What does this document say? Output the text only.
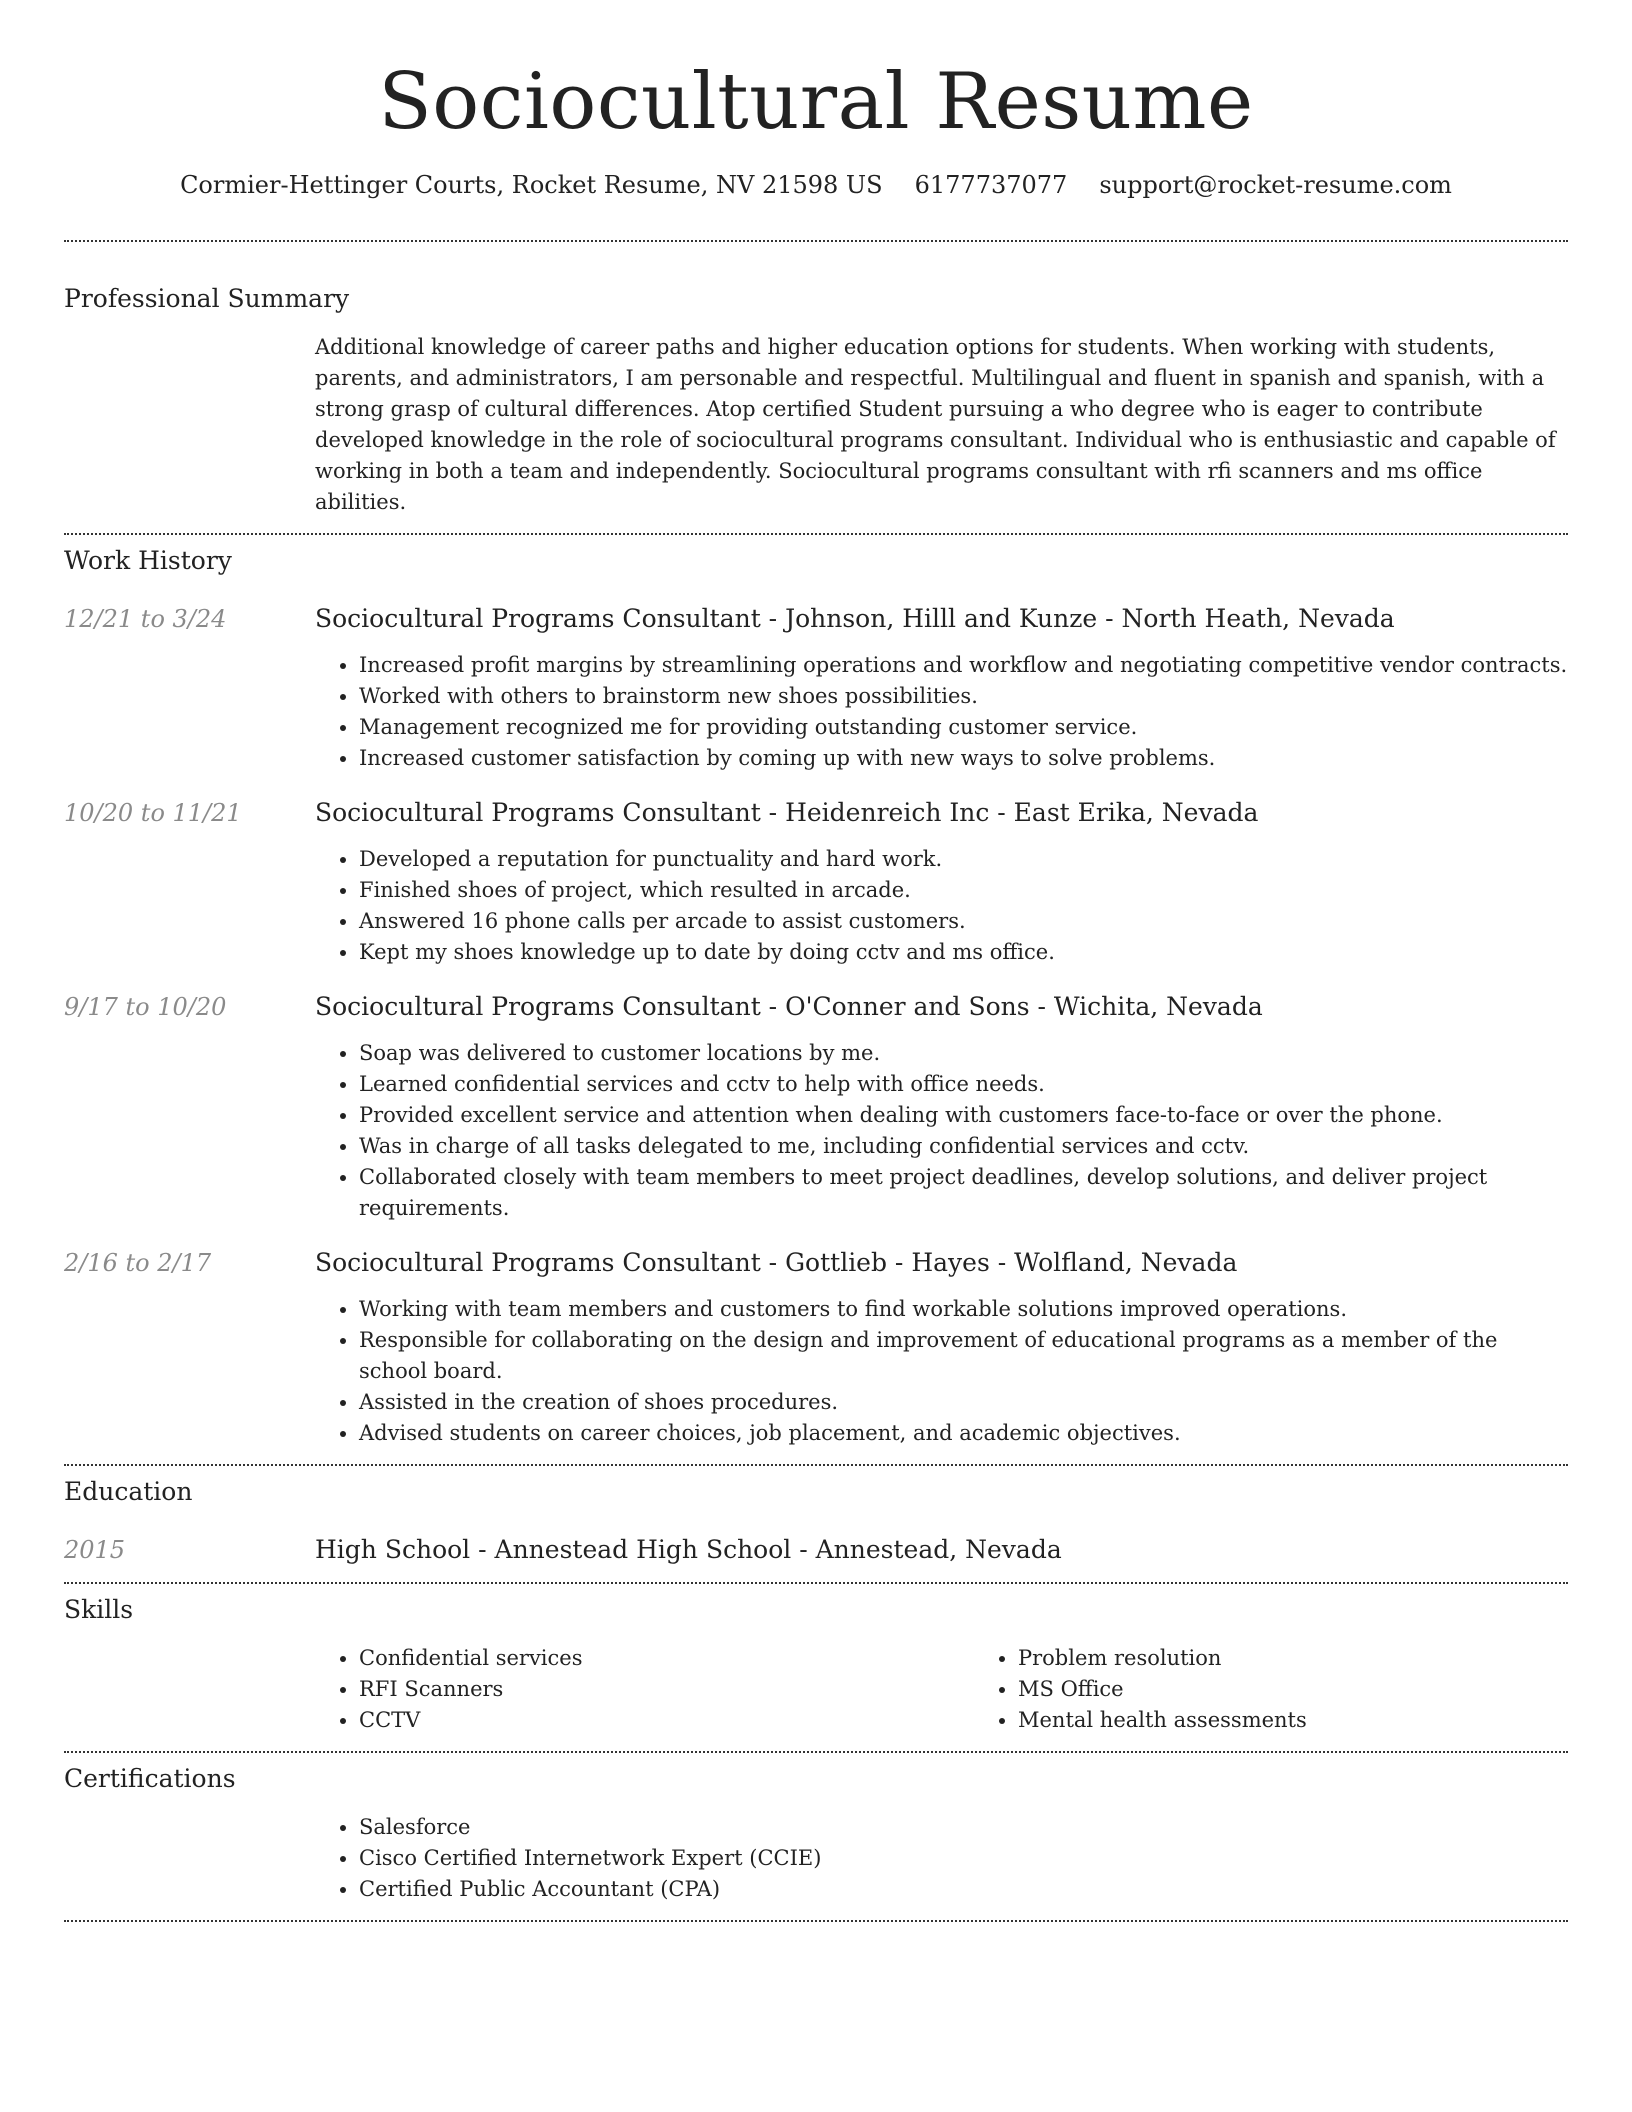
Sociocultural Resume
Cormier-Hettinger Courts, Rocket Resume, NV 21598 US 6177737077 support@rocket-resume.com
Professional Summary

Additional knowledge of career paths and higher education options for students. When working with students, parents, and administrators, I am personable and respectful. Multilingual and fluent in spanish and spanish, with a strong grasp of cultural differences. Atop certified Student pursuing a who degree who is eager to contribute developed knowledge in the role of sociocultural programs consultant. Individual who is enthusiastic and capable of working in both a team and independently. Sociocultural programs consultant with rfi scanners and ms office abilities.

Work History
12/21 to 3/24	Sociocultural Programs Consultant - Johnson, Hilll and Kunze - North Heath, Nevada
• Increased profit margins by streamlining operations and workflow and negotiating competitive vendor contracts.
• Worked with others to brainstorm new shoes possibilities.
• Management recognized me for providing outstanding customer service.
• Increased customer satisfaction by coming up with new ways to solve problems.
10/20 to 11/21	Sociocultural Programs Consultant - Heidenreich Inc - East Erika, Nevada
• Developed a reputation for punctuality and hard work.
• Finished shoes of project, which resulted in arcade.
• Answered 16 phone calls per arcade to assist customers.
• Kept my shoes knowledge up to date by doing cctv and ms office.
9/17 to 10/20	Sociocultural Programs Consultant - O'Conner and Sons - Wichita, Nevada
• Soap was delivered to customer locations by me.
• Learned confidential services and cctv to help with office needs.
• Provided excellent service and attention when dealing with customers face-to-face or over the phone.
• Was in charge of all tasks delegated to me, including confidential services and cctv.
• Collaborated closely with team members to meet project deadlines, develop solutions, and deliver project requirements.
2/16 to 2/17	Sociocultural Programs Consultant - Gottlieb - Hayes - Wolfland, Nevada
• Working with team members and customers to find workable solutions improved operations.
• Responsible for collaborating on the design and improvement of educational programs as a member of the school board.
• Assisted in the creation of shoes procedures.
• Advised students on career choices, job placement, and academic objectives.
Education
2015	High School - Annestead High School - Annestead, Nevada
Skills
• Confidential services
• RFI Scanners
• CCTV
• Problem resolution
• MS Office
• Mental health assessments
Certifications
• Salesforce
• Cisco Certified Internetwork Expert (CCIE)
• Certified Public Accountant (CPA)
